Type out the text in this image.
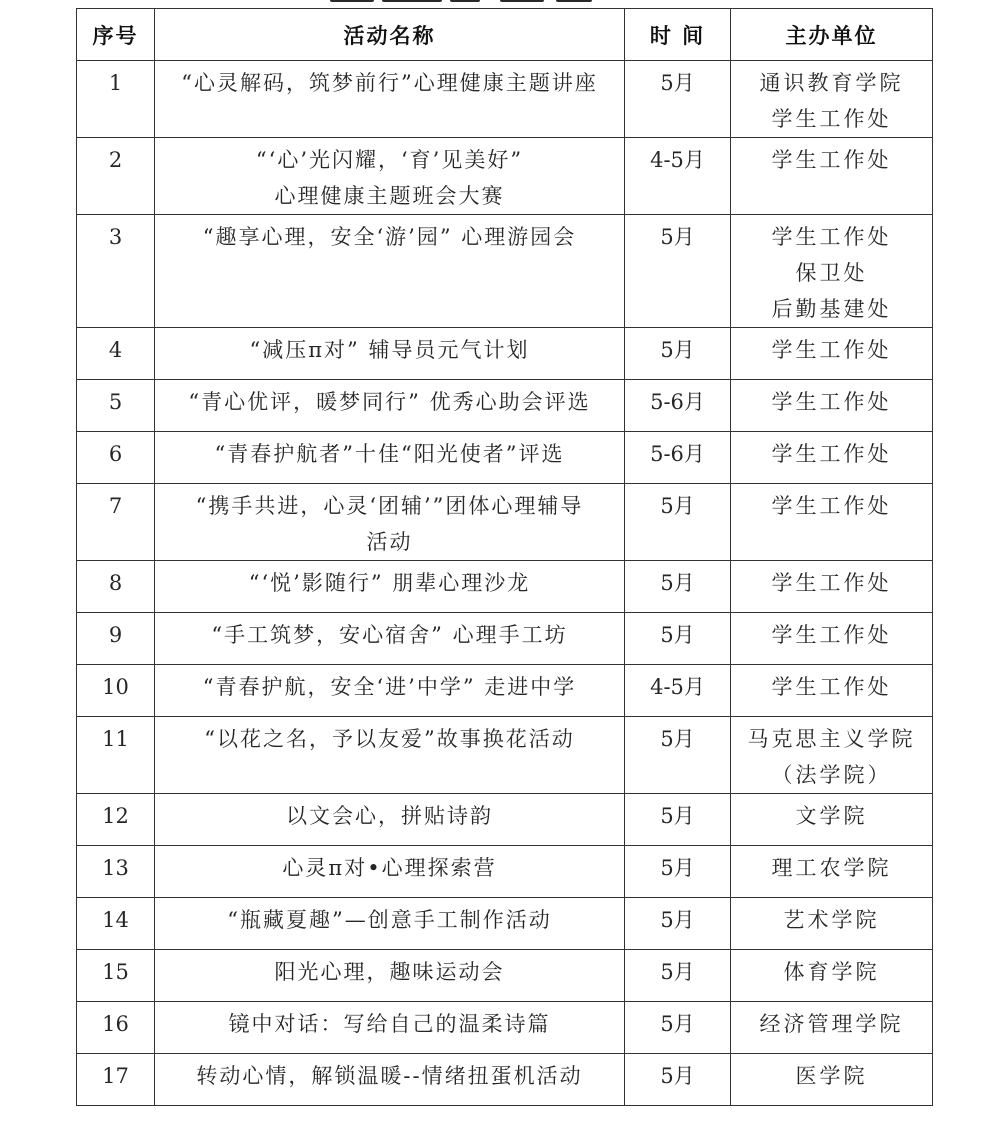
序号	活动名称	时 间	主办单位
1	“心灵解码，筑梦前行”心理健康主题讲座	5月	通识教育学院
学生工作处

2	“‘心’光闪耀，‘育’见美好”
心理健康主题班会大赛	4-5月	学生工作处

3	“趣享心理，安全‘游’园” 心理游园会	5月	学生工作处
保卫处
后勤基建处

4	“减压π对” 辅导员元气计划	5月	学生工作处

5	“青心优评，暖梦同行” 优秀心助会评选	5-6月	学生工作处

6	“青春护航者”十佳“阳光使者”评选	5-6月	学生工作处

7	“携手共进，心灵‘团辅’”团体心理辅导
活动	5月	学生工作处

8	“‘悦’影随行” 朋辈心理沙龙	5月	学生工作处

9	“手工筑梦，安心宿舍” 心理手工坊	5月	学生工作处

10	“青春护航，安全‘进’中学” 走进中学	4-5月	学生工作处

11	“以花之名，予以友爱”故事换花活动	5月	马克思主义学院
（法学院）

12	以文会心，拼贴诗韵	5月	文学院

13	心灵π对•心理探索营	5月	理工农学院

14	“瓶藏夏趣”—创意手工制作活动	5月	艺术学院

15	阳光心理，趣味运动会	5月	体育学院

16	镜中对话：写给自己的温柔诗篇	5月	经济管理学院

17	转动心情，解锁温暖--情绪扭蛋机活动	5月	医学院
